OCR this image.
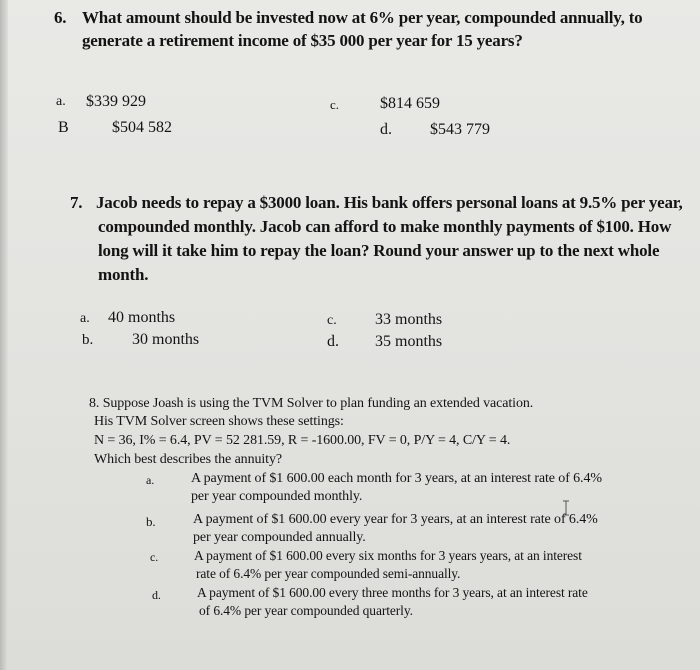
6. What amount should be invested now at 6% per year, compounded annually, to
generate a retirement income of $35 000 per year for 15 years?
a. $339 929
B	$504 582
c.	$814 659
d. $543 779
7. Jacob needs to repay a $3000 loan. His bank offers personal loans at 9.5% per year,
compounded monthly. Jacob can afford to make monthly payments of $100. How
long will it take him to repay the loan? Round your answer up to the next whole
month.
a. 40 months
b. 30 months
c. 33 months
d. 35 months
8. Suppose Joash is using the TVM Solver to plan funding an extended vacation.
His TVM Solver screen shows these settings:
N = 36, I% = 6.4, PV = 52 281.59, R = -1600.00, FV = 0, P/Y = 4, C/Y = 4.
Which best describes the annuity?
a.	A payment of $1 600.00 each month for 3 years, at an interest rate of 6.4%
per year compounded monthly.
b.	A payment of $1 600.00 every year for 3 years, at an interest rate of 6.4%
per year compounded annually.
c.	A payment of $1 600.00 every six months for 3 years years, at an interest
rate of 6.4% per year compounded semi-annually.
d.	A payment of $1 600.00 every three months for 3 years, at an interest rate
of 6.4% per year compounded quarterly.
